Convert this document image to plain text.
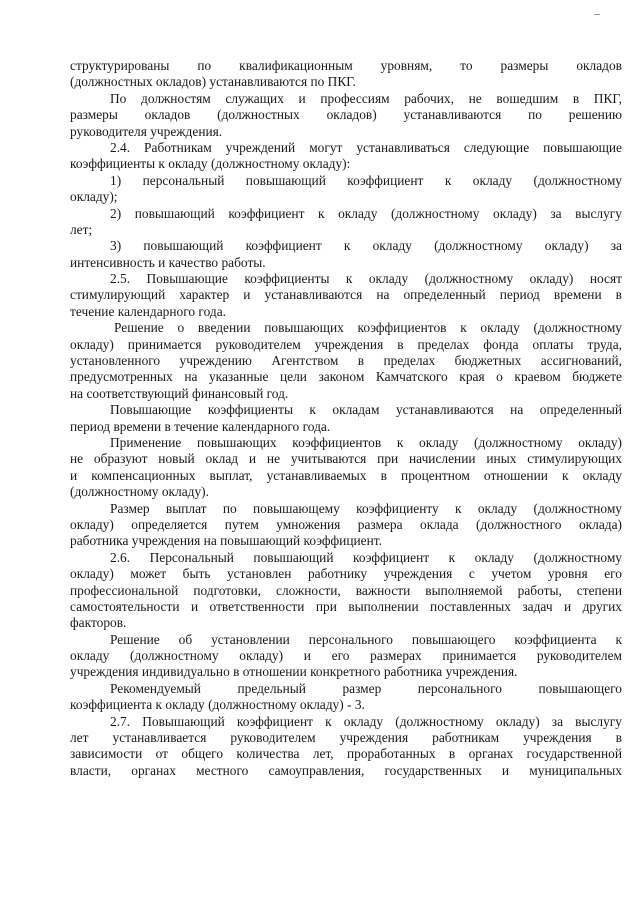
структурированы по квалификационным уровням, то размеры окладов
(должностных окладов) устанавливаются по ПКГ.
По должностям служащих и профессиям рабочих, не вошедшим в ПКГ,
размеры окладов (должностных окладов) устанавливаются по решению
руководителя учреждения.
2.4. Работникам учреждений могут устанавливаться следующие повышающие
коэффициенты к окладу (должностному окладу):
1) персональный повышающий коэффициент к окладу (должностному
окладу);
2) повышающий коэффициент к окладу (должностному окладу) за выслугу
лет;
3) повышающий коэффициент к окладу (должностному окладу) за
интенсивность и качество работы.
2.5. Повышающие коэффициенты к окладу (должностному окладу) носят
стимулирующий характер и устанавливаются на определенный период времени в
течение календарного года.
Решение о введении повышающих коэффициентов к окладу (должностному
окладу) принимается руководителем учреждения в пределах фонда оплаты труда,
установленного учреждению Агентством в пределах бюджетных ассигнований,
предусмотренных на указанные цели законом Камчатского края о краевом бюджете
на соответствующий финансовый год.
Повышающие коэффициенты к окладам устанавливаются на определенный
период времени в течение календарного года.
Применение повышающих коэффициентов к окладу (должностному окладу)
не образуют новый оклад и не учитываются при начислении иных стимулирующих
и компенсационных выплат, устанавливаемых в процентном отношении к окладу
(должностному окладу).
Размер выплат по повышающему коэффициенту к окладу (должностному
окладу) определяется путем умножения размера оклада (должностного оклада)
работника учреждения на повышающий коэффициент.
2.6. Персональный повышающий коэффициент к окладу (должностному
окладу) может быть установлен работнику учреждения с учетом уровня его
профессиональной подготовки, сложности, важности выполняемой работы, степени
самостоятельности и ответственности при выполнении поставленных задач и других
факторов.
Решение об установлении персонального повышающего коэффициента к
окладу (должностному окладу) и его размерах принимается руководителем
учреждения индивидуально в отношении конкретного работника учреждения.
Рекомендуемый предельный размер персонального повышающего
коэффициента к окладу (должностному окладу) - 3.
2.7. Повышающий коэффициент к окладу (должностному окладу) за выслугу
лет устанавливается руководителем учреждения работникам учреждения в
зависимости от общего количества лет, проработанных в органах государственной
власти, органах местного самоуправления, государственных и муниципальных
